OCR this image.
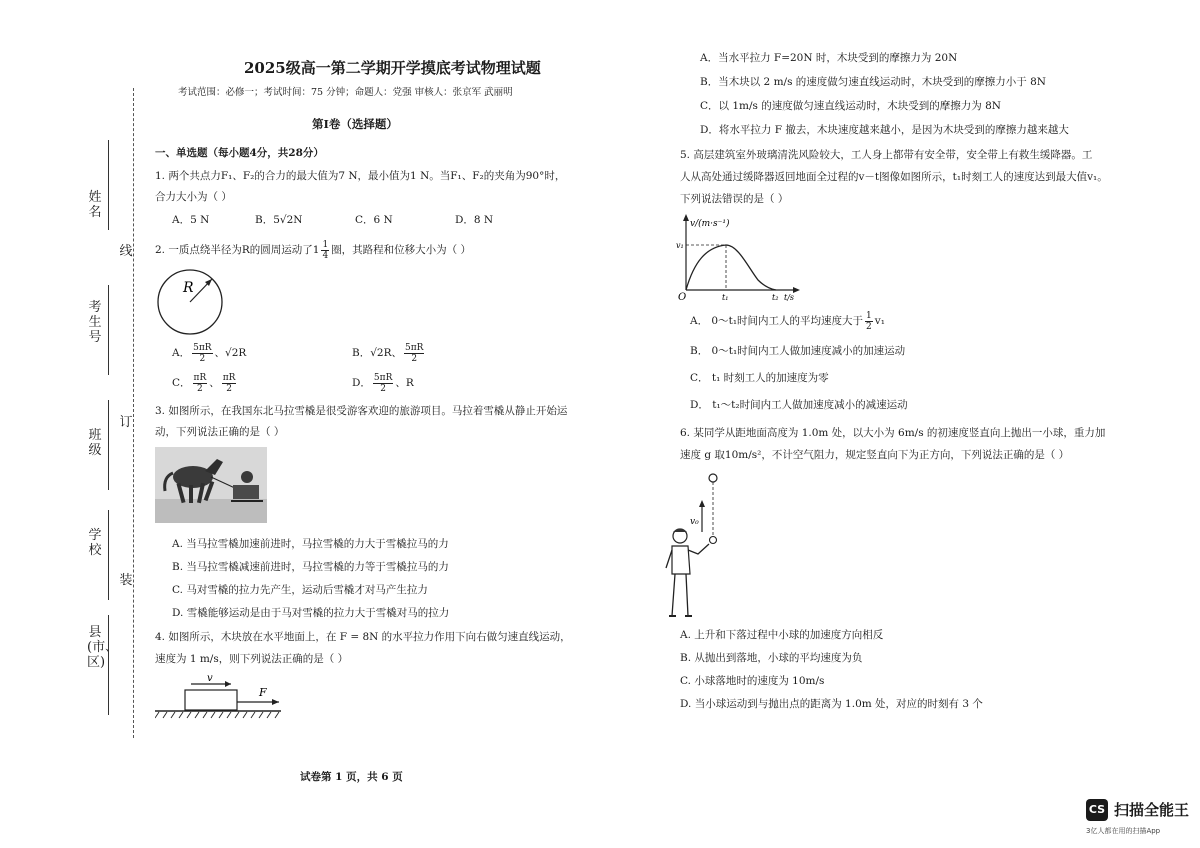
姓名
考生号
班级
学校
县(市、区)
线
订
装
2025级高一第二学期开学摸底考试物理试题
考试范围：必修一；考试时间：75 分钟；命题人：党强 审核人：张京军 武丽明
第Ⅰ卷（选择题）
一、单选题（每小题4分，共28分）
1. 两个共点力F₁、F₂的合力的最大值为7 N，最小值为1 N。当F₁、F₂的夹角为90°时，
合力大小为（ ）
A．5 N	B．5√2N	C．6 N	D．8 N
2. 一质点绕半径为R的圆周运动了$1 \frac{1}{4}$ 圈，其路程和位移大小为（ ）
R
A． $\frac{5\pi R}{2}$ 、√2R	B．√2R、 $\frac{5\pi R}{2}$
C． $\frac{\pi R}{2}$ 、 $\frac{\pi R}{2}$	D． $\frac{5\pi R}{2}$ 、R
3. 如图所示，在我国东北马拉雪橇是很受游客欢迎的旅游项目。马拉着雪橇从静止开始运
动，下列说法正确的是（ ）
A. 当马拉雪橇加速前进时，马拉雪橇的力大于雪橇拉马的力
B. 当马拉雪橇减速前进时，马拉雪橇的力等于雪橇拉马的力
C. 马对雪橇的拉力先产生，运动后雪橇才对马产生拉力
D. 雪橇能够运动是由于马对雪橇的拉力大于雪橇对马的拉力
4. 如图所示，木块放在水平地面上，在 F = 8N 的水平拉力作用下向右做匀速直线运动，
速度为 1 m/s，则下列说法正确的是（ ）
v
F
试卷第 1 页，共 6 页
A．当水平拉力 F=20N 时，木块受到的摩擦力为 20N
B．当木块以 2 m/s 的速度做匀速直线运动时，木块受到的摩擦力小于 8N
C．以 1m/s 的速度做匀速直线运动时，木块受到的摩擦力为 8N
D．将水平拉力 F 撤去，木块速度越来越小，是因为木块受到的摩擦力越来越大
5. 高层建筑室外玻璃清洗风险较大，工人身上都带有安全带，安全带上有救生缓降器。工
人从高处通过缓降器返回地面全过程的v－t图像如图所示，t₁时刻工人的速度达到最大值v₁。
下列说法错误的是（ ）
v/(m·s⁻¹)
v₁
O	t₁	t₂ t/s
A． 0～t₁时间内工人的平均速度大于 $\frac{1}{2} v_1$
B． 0～t₁时间内工人做加速度减小的加速运动
C． t₁ 时刻工人的加速度为零
D． t₁～t₂时间内工人做加速度减小的减速运动
6. 某同学从距地面高度为 1.0m 处，以大小为 6m/s 的初速度竖直向上抛出一小球，重力加
速度 g 取10m/s²，不计空气阻力，规定竖直向下为正方向，下列说法正确的是（ ）
v₀
A. 上升和下落过程中小球的加速度方向相反
B. 从抛出到落地，小球的平均速度为负
C. 小球落地时的速度为 10m/s
D. 当小球运动到与抛出点的距离为 1.0m 处，对应的时刻有 3 个
CS 扫描全能王
3亿人都在用的扫描App
